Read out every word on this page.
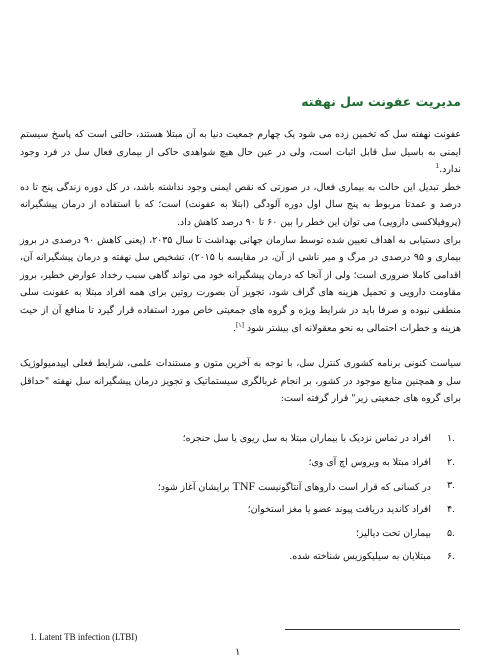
مدیریت عفونت سل نهفته

عفونت نهفته سل که تخمین زده می شود یک چهارم جمعیت دنیا به آن مبتلا هستند، حالتی است که پاسخ سیستم ایمنی به باسیل سل قابل اثبات است، ولی در عین حال هیچ شواهدی حاکی از بیماری فعال سل در فرد وجود ندارد.$^1$

خطر تبدیل این حالت به بیماری فعال، در صورتی که نقص ایمنی وجود نداشته باشد، در کل دوره زندگی پنج تا ده درصد و عمدتا مربوط به پنج سال اول دوره آلودگی (ابتلا به عفونت) است؛ که با استفاده از درمان پیشگیرانه (پروفیلاکسی دارویی) می توان این خطر را بین ۶۰ تا ۹۰ درصد کاهش داد.

برای دستیابی به اهداف تعیین شده توسط سازمان جهانی بهداشت تا سال ۲۰۳۵، (یعنی کاهش ۹۰ درصدی در بروز بیماری و ۹۵ درصدی در مرگ و میر ناشی از آن، در مقایسه با ۲۰۱۵)، تشخیص سل نهفته و درمان پیشگیرانه آن، اقدامی کاملا ضروری است؛ ولی از آنجا که درمان پیشگیرانه خود می تواند گاهی سبب رخداد عوارض خطیر، بروز مقاومت دارویی و تحمیل هزینه های گزاف شود، تجویز آن بصورت روتین برای همه افراد مبتلا به عفونت سلی منطقی نبوده و صرفا باید در شرایط ویژه و گروه های جمعیتی خاص مورد استفاده قرار گیرد تا منافع آن از حیث هزینه و خطرات احتمالی به نحو معقولانه ای بیشتر شود [۱].

سیاست کنونی برنامه کشوری کنترل سل، با توجه به آخرین متون و مستندات علمی، شرایط فعلی اپیدمیولوژیک سل و همچنین منابع موجود در کشور، بر انجام غربالگری سیستماتیک و تجویز درمان پیشگیرانه سل نهفته "حداقل برای گروه های جمعیتی زیر" قرار گرفته است:

.۱
افراد در تماس نزدیک با بیماران مبتلا به سل ریوی یا سل حنجره؛
.۲
افراد مبتلا به ویروس اچ آی وی؛
.۳
در کسانی که قرار است داروهای آنتاگونیست TNF برایشان آغاز شود؛
.۴
افراد کاندید دریافت پیوند عضو یا مغز استخوان؛
.۵
بیماران تحت دیالیز؛
.۶
مبتلایان به سیلیکوزیس شناخته شده.
1. Latent TB infection (LTBI)
۱
